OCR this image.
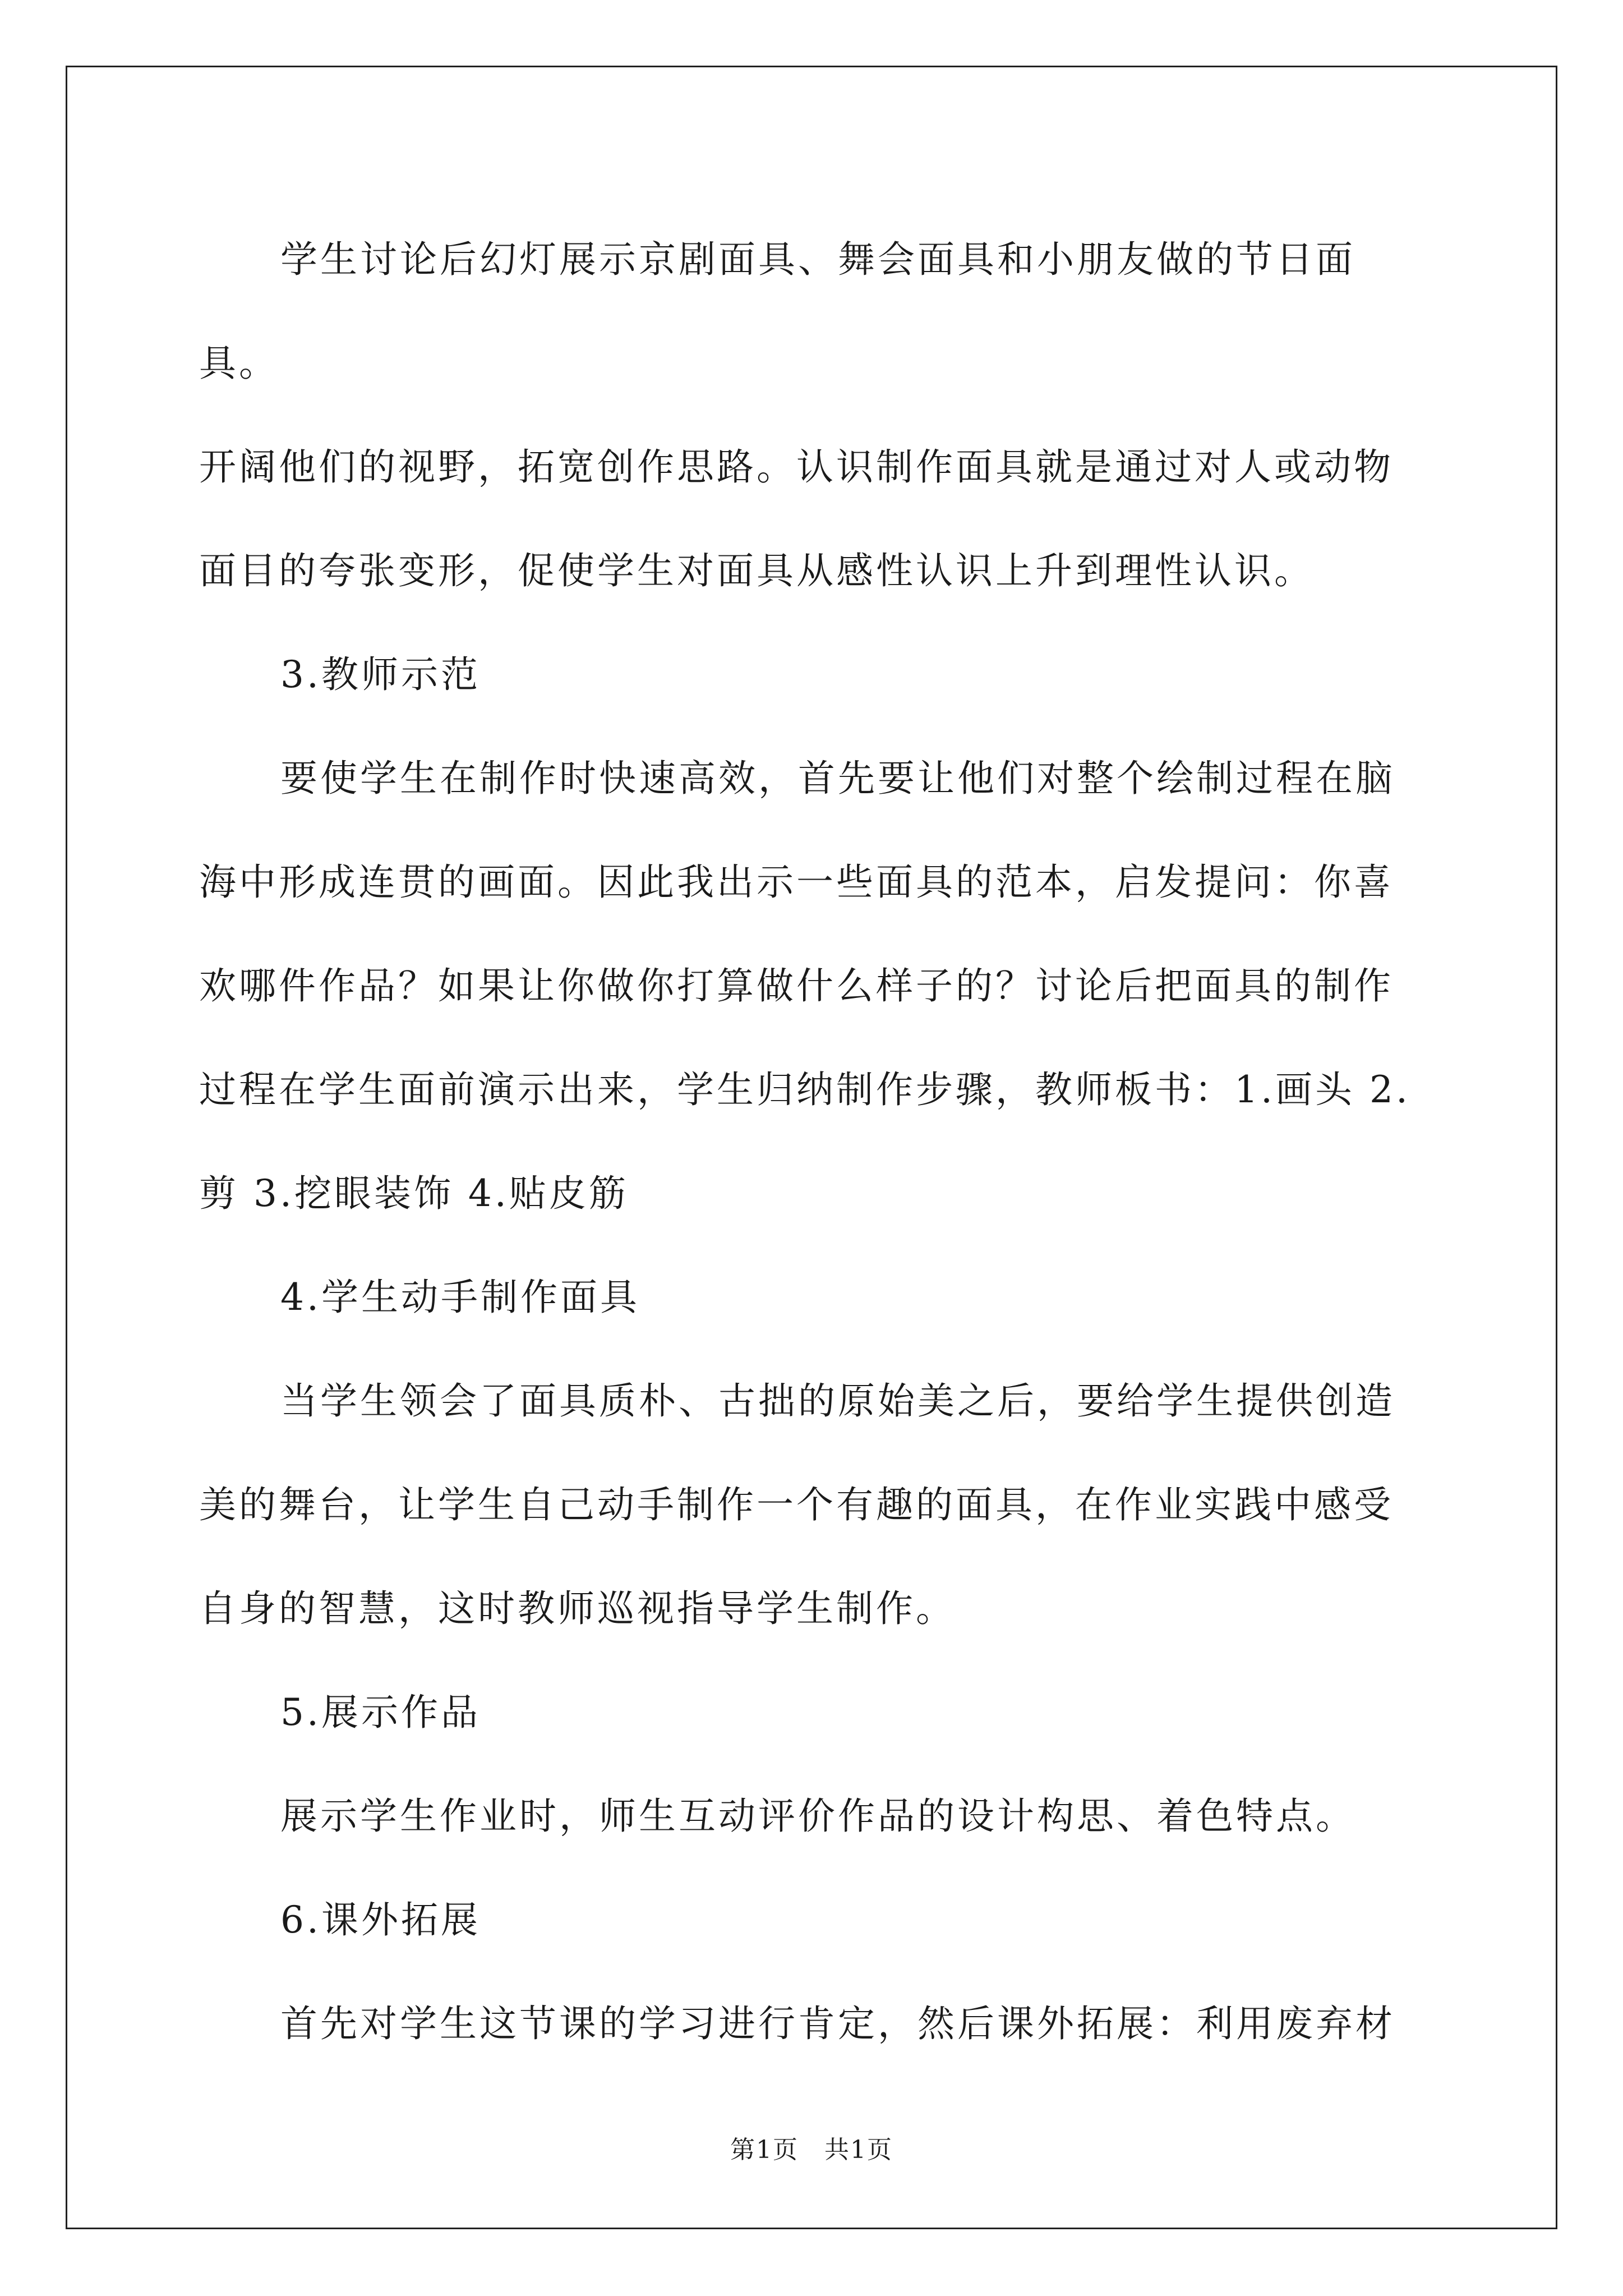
学生讨论后幻灯展示京剧面具、舞会面具和小朋友做的节日面具。

开阔他们的视野，拓宽创作思路。认识制作面具就是通过对人或动物

面目的夸张变形，促使学生对面具从感性认识上升到理性认识。

3.教师示范

要使学生在制作时快速高效，首先要让他们对整个绘制过程在脑

海中形成连贯的画面。因此我出示一些面具的范本，启发提问：你喜

欢哪件作品？如果让你做你打算做什么样子的？讨论后把面具的制作

过程在学生面前演示出来，学生归纳制作步骤，教师板书：1.画头 2.

剪 3.挖眼装饰 4.贴皮筋

4.学生动手制作面具

当学生领会了面具质朴、古拙的原始美之后，要给学生提供创造

美的舞台，让学生自己动手制作一个有趣的面具，在作业实践中感受

自身的智慧，这时教师巡视指导学生制作。

5.展示作品

展示学生作业时，师生互动评价作品的设计构思、着色特点。

6.课外拓展

首先对学生这节课的学习进行肯定，然后课外拓展：利用废弃材

第1页　共1页
